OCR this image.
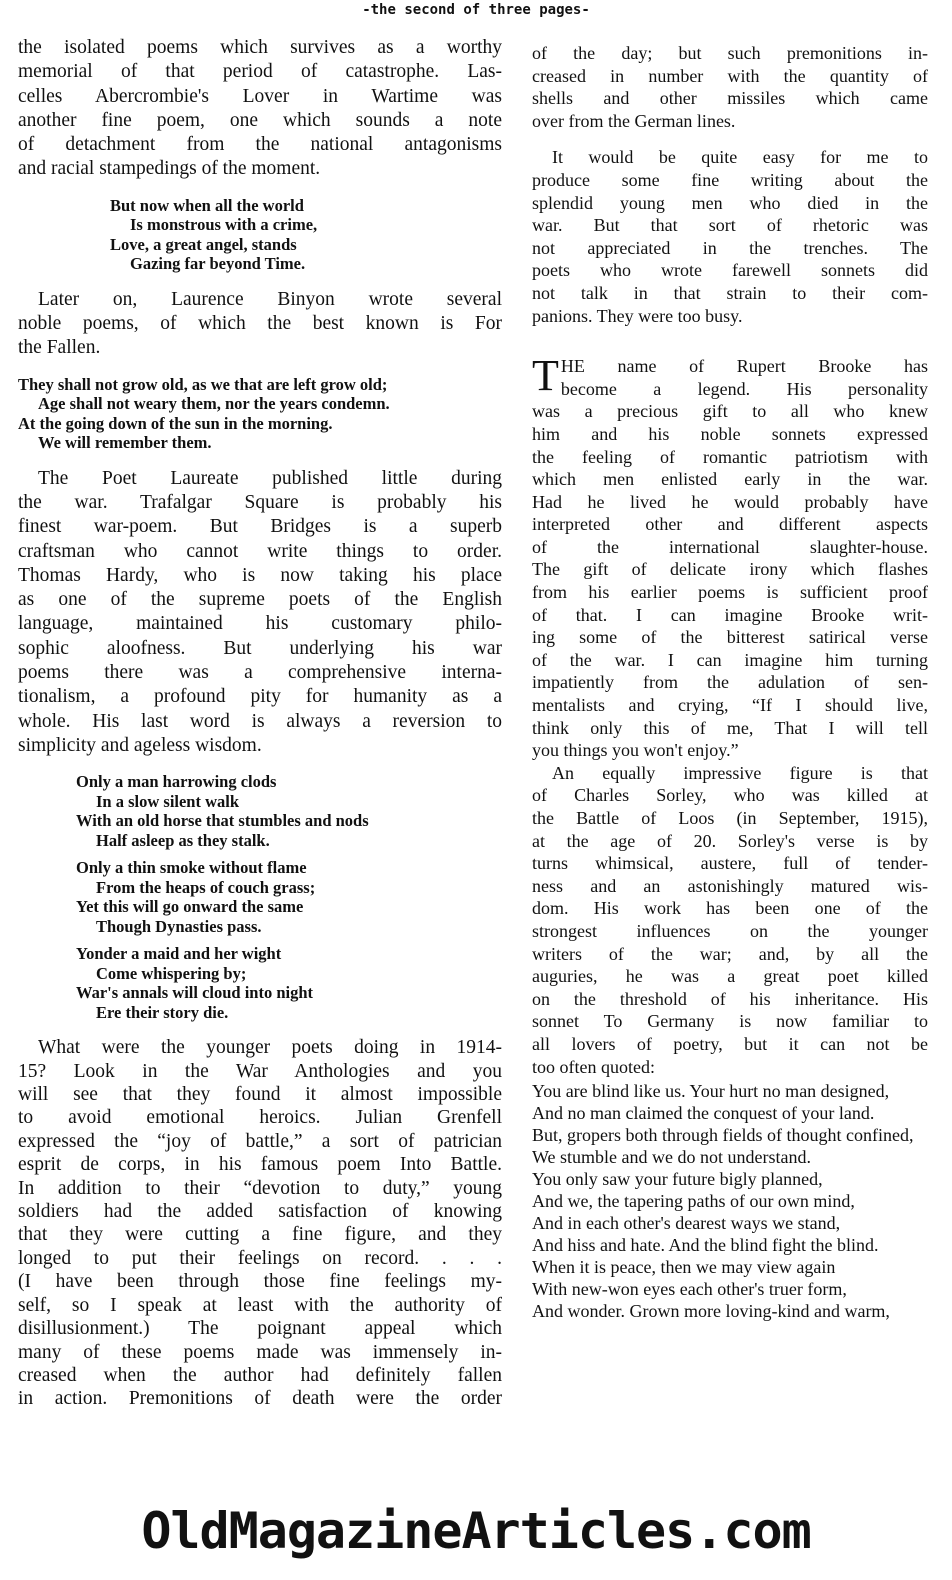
-the second of three pages-
the isolated poems which survives as a worthy
memorial of that period of catastrophe. Las-
celles Abercrombie's Lover in Wartime was
another fine poem, one which sounds a note
of detachment from the national antagonisms
and racial stampedings of the moment.
But now when all the world
Is monstrous with a crime,
Love, a great angel, stands
Gazing far beyond Time.
Later on, Laurence Binyon wrote several
noble poems, of which the best known is For
the Fallen.
They shall not grow old, as we that are left grow old;
Age shall not weary them, nor the years condemn.
At the going down of the sun in the morning.
We will remember them.
The Poet Laureate published little during
the war. Trafalgar Square is probably his
finest war-poem. But Bridges is a superb
craftsman who cannot write things to order.
Thomas Hardy, who is now taking his place
as one of the supreme poets of the English
language, maintained his customary philo-
sophic aloofness. But underlying his war
poems there was a comprehensive interna-
tionalism, a profound pity for humanity as a
whole. His last word is always a reversion to
simplicity and ageless wisdom.
Only a man harrowing clods
In a slow silent walk
With an old horse that stumbles and nods
Half asleep as they stalk.
Only a thin smoke without flame
From the heaps of couch grass;
Yet this will go onward the same
Though Dynasties pass.
Yonder a maid and her wight
Come whispering by;
War's annals will cloud into night
Ere their story die.
What were the younger poets doing in 1914-
15? Look in the War Anthologies and you
will see that they found it almost impossible
to avoid emotional heroics. Julian Grenfell
expressed the “joy of battle,” a sort of patrician
esprit de corps, in his famous poem Into Battle.
In addition to their “devotion to duty,” young
soldiers had the added satisfaction of knowing
that they were cutting a fine figure, and they
longed to put their feelings on record. . . .
(I have been through those fine feelings my-
self, so I speak at least with the authority of
disillusionment.) The poignant appeal which
many of these poems made was immensely in-
creased when the author had definitely fallen
in action. Premonitions of death were the order
of the day; but such premonitions in-
creased in number with the quantity of
shells and other missiles which came
over from the German lines.
It would be quite easy for me to
produce some fine writing about the
splendid young men who died in the
war. But that sort of rhetoric was
not appreciated in the trenches. The
poets who wrote farewell sonnets did
not talk in that strain to their com-
panions. They were too busy.
T HE name of Rupert Brooke has
become a legend. His personality
was a precious gift to all who knew
him and his noble sonnets expressed
the feeling of romantic patriotism with
which men enlisted early in the war.
Had he lived he would probably have
interpreted other and different aspects
of the international slaughter-house.
The gift of delicate irony which flashes
from his earlier poems is sufficient proof
of that. I can imagine Brooke writ-
ing some of the bitterest satirical verse
of the war. I can imagine him turning
impatiently from the adulation of sen-
mentalists and crying, “If I should live,
think only this of me, That I will tell
you things you won't enjoy.”
An equally impressive figure is that
of Charles Sorley, who was killed at
the Battle of Loos (in September, 1915),
at the age of 20. Sorley's verse is by
turns whimsical, austere, full of tender-
ness and an astonishingly matured wis-
dom. His work has been one of the
strongest influences on the younger
writers of the war; and, by all the
auguries, he was a great poet killed
on the threshold of his inheritance. His
sonnet To Germany is now familiar to
all lovers of poetry, but it can not be
too often quoted:
You are blind like us. Your hurt no man designed,
And no man claimed the conquest of your land.
But, gropers both through fields of thought confined,
We stumble and we do not understand.
You only saw your future bigly planned,
And we, the tapering paths of our own mind,
And in each other's dearest ways we stand,
And hiss and hate. And the blind fight the blind.
When it is peace, then we may view again
With new-won eyes each other's truer form,
And wonder. Grown more loving-kind and warm,
OldMagazineArticles.com
